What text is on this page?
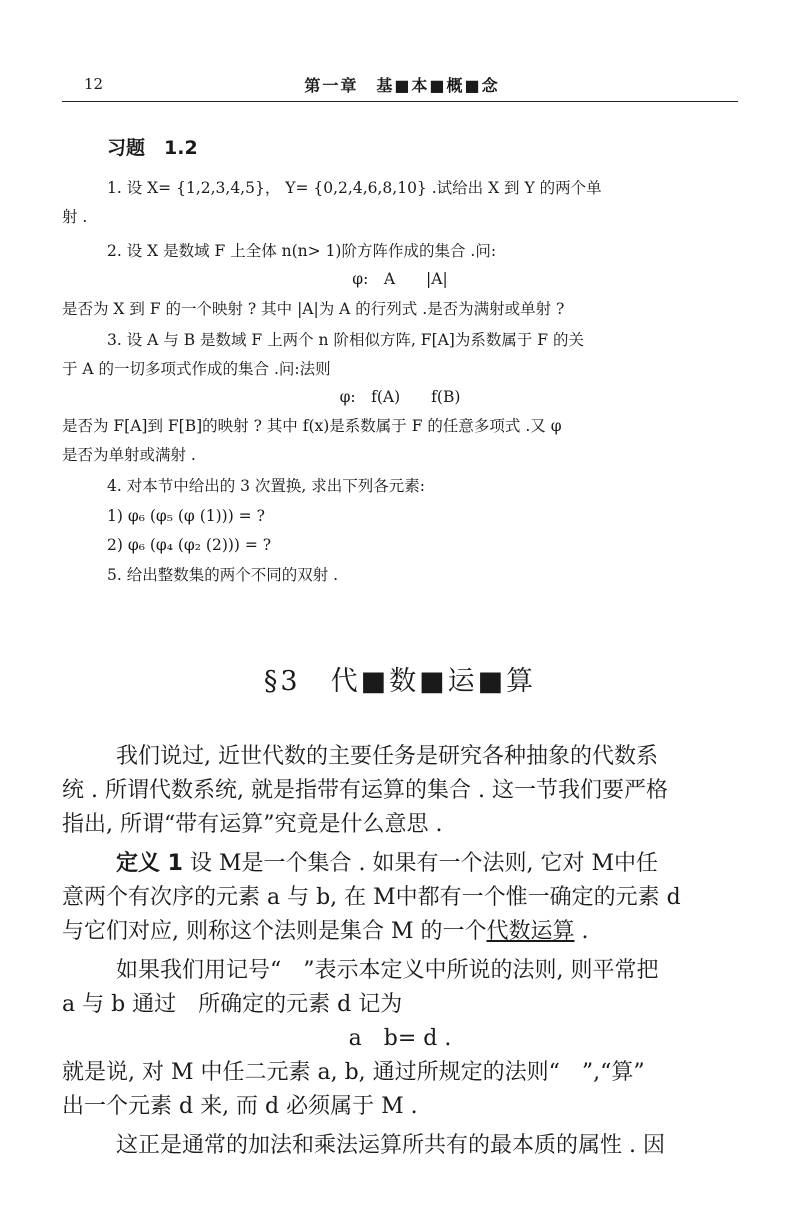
12	第一章　基■本■概■念
习题　1.2
1. 设 X= {1,2,3,4,5}， Y= {0,2,4,6,8,10} .试给出 X 到 Y 的两个单
射 .
2. 设 X 是数域 F 上全体 n(n> 1)阶方阵作成的集合 .问:
φ:　A　　|A|
是否为 X 到 F 的一个映射 ? 其中 |A|为 A 的行列式 .是否为满射或单射 ?
3. 设 A 与 B 是数域 F 上两个 n 阶相似方阵, F[A]为系数属于 F 的关
于 A 的一切多项式作成的集合 .问:法则
φ:　f(A)　　f(B)
是否为 F[A]到 F[B]的映射 ? 其中 f(x)是系数属于 F 的任意多项式 .又 φ
是否为单射或满射 .
4. 对本节中给出的 3 次置换, 求出下列各元素:
1) φ₆ (φ₅ (φ (1))) = ?
2) φ₆ (φ₄ (φ₂ (2))) = ?
5. 给出整数集的两个不同的双射 .
§3　代■数■运■算
我们说过, 近世代数的主要任务是研究各种抽象的代数系
统 . 所谓代数系统, 就是指带有运算的集合 . 这一节我们要严格
指出, 所谓“带有运算”究竟是什么意思 .
定义 1 设 M是一个集合 . 如果有一个法则, 它对 M中任
意两个有次序的元素 a 与 b, 在 M中都有一个惟一确定的元素 d
与它们对应, 则称这个法则是集合 M 的一个代数运算 .
如果我们用记号“　”表示本定义中所说的法则, 则平常把
a 与 b 通过　所确定的元素 d 记为
a　b= d .
就是说, 对 M 中任二元素 a, b, 通过所规定的法则“　”,“算”
出一个元素 d 来, 而 d 必须属于 M .
这正是通常的加法和乘法运算所共有的最本质的属性 . 因
